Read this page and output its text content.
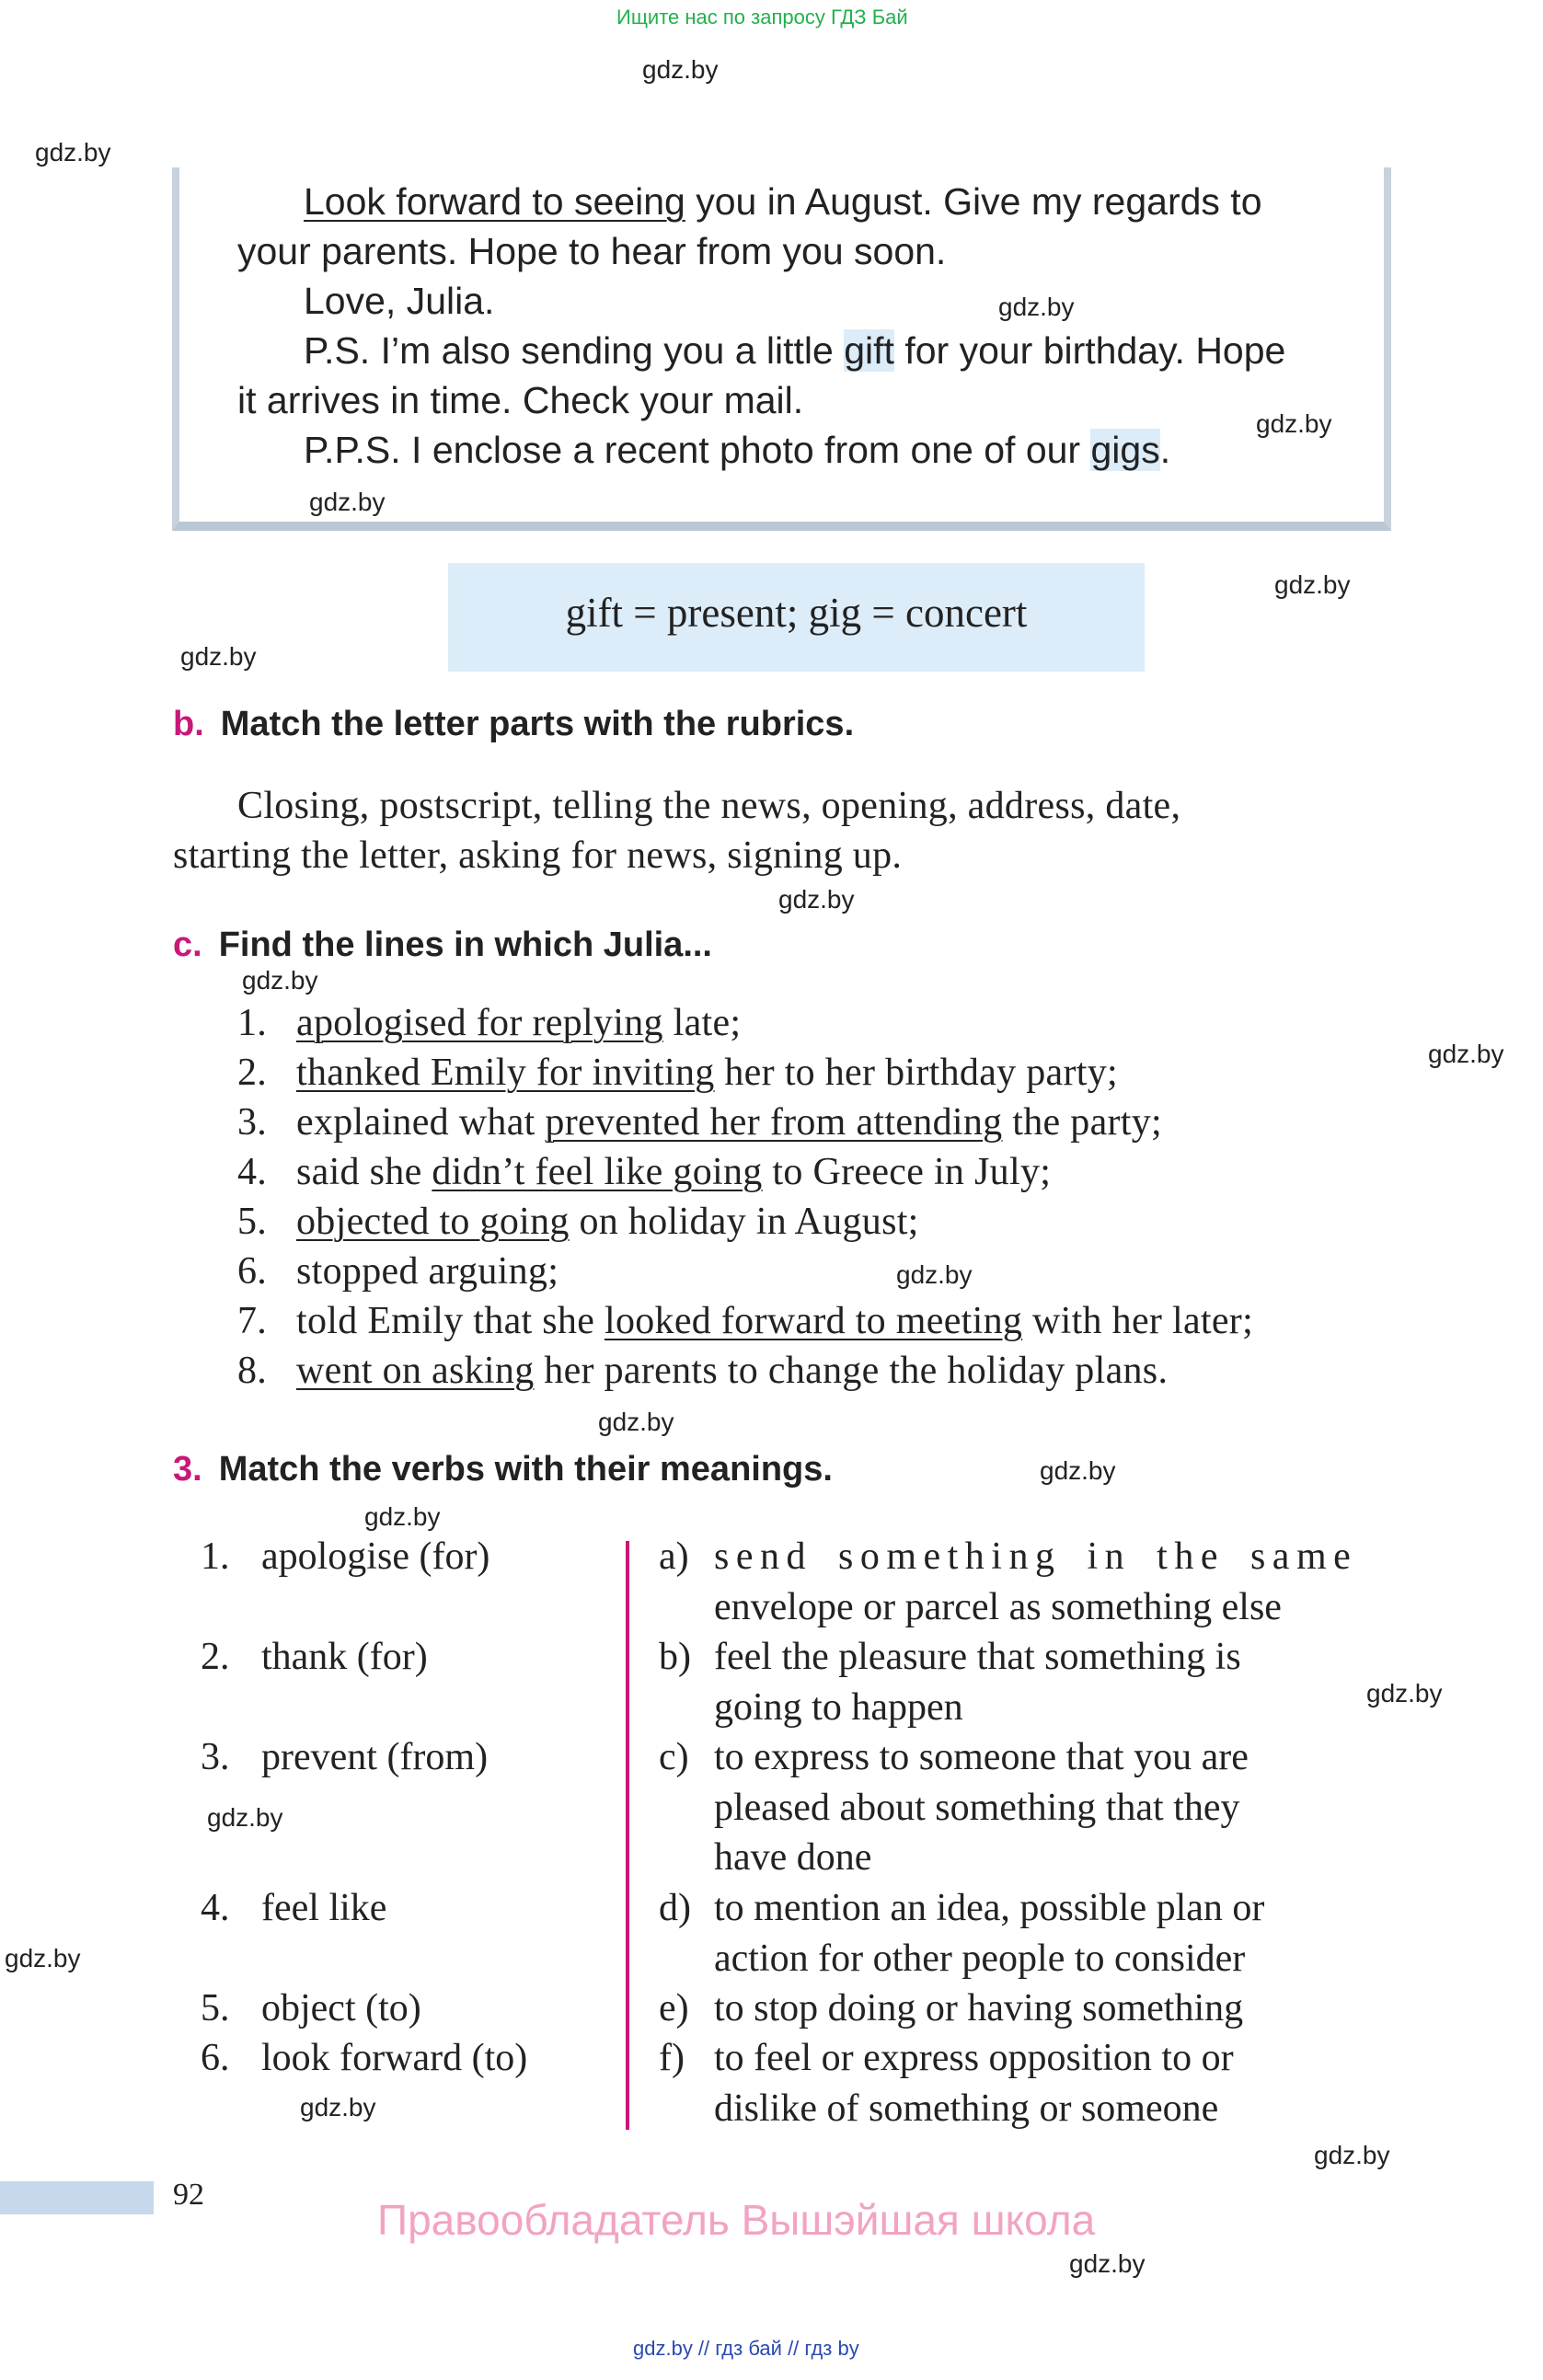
Ищите нас по запросу ГДЗ Бай
gdz.by
gdz.by
gdz.by
gdz.by
gdz.by
gdz.by
gdz.by
gdz.by
gdz.by
gdz.by
gdz.by
gdz.by
gdz.by
gdz.by
gdz.by
gdz.by
gdz.by
gdz.by
gdz.by
gdz.by
Look forward to seeing you in August. Give my regards to
your parents. Hope to hear from you soon.
Love, Julia.
P.S. I’m also sending you a little gift for your birthday. Hope
it arrives in time. Check your mail.
P.P.S. I enclose a recent photo from one of our gigs.
gift = present; gig = concert
b. Match the letter parts with the rubrics.
Closing, postscript, telling the news, opening, address, date,
starting the letter, asking for news, signing up.
c. Find the lines in which Julia...
1. apologised for replying late;
2. thanked Emily for inviting her to her birthday party;
3. explained what prevented her from attending the party;
4. said she didn’t feel like going to Greece in July;
5. objected to going on holiday in August;
6. stopped arguing;
7. told Emily that she looked forward to meeting with her later;
8. went on asking her parents to change the holiday plans.
3. Match the verbs with their meanings.
1. apologise (for)
2. thank (for)
3. prevent (from)
4. feel like
5. object (to)
6. look forward (to)
a) send something in the same
envelope or parcel as something else
b) feel the pleasure that something is
going to happen
c) to express to someone that you are
pleased about something that they
have done
d) to mention an idea, possible plan or
action for other people to consider
e) to stop doing or having something
f) to feel or express opposition to or
dislike of something or someone
92
Правообладатель Вышэйшая школа
gdz.by // гдз бай // гдз by
